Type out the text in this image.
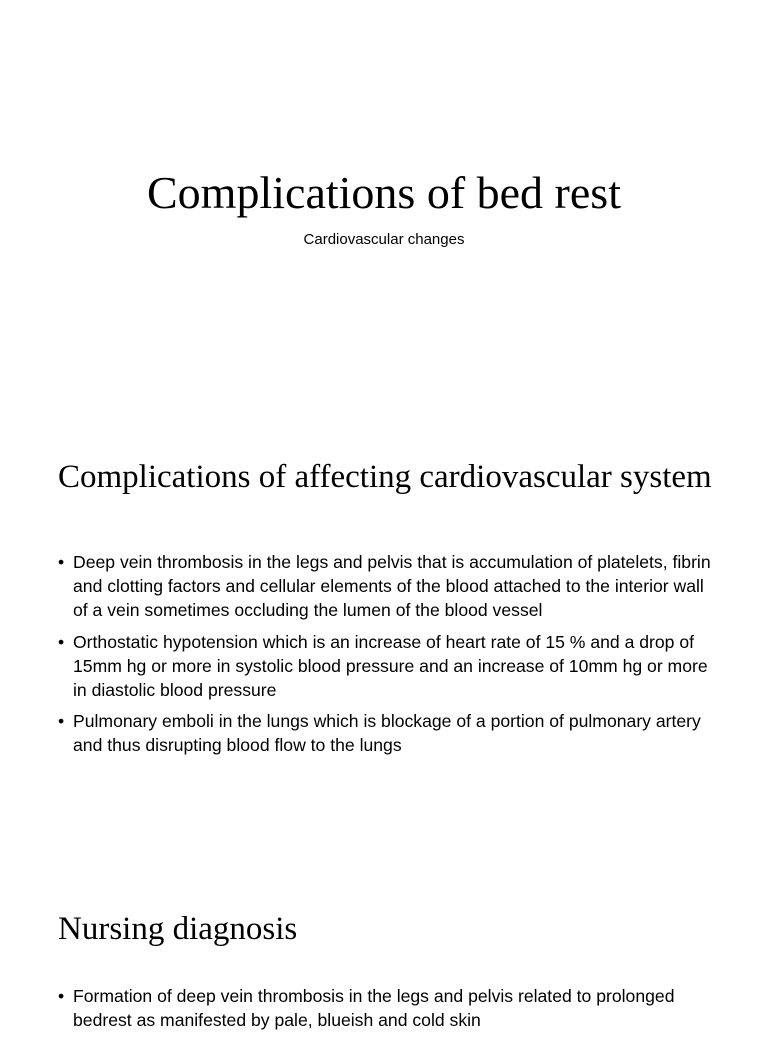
Complications of bed rest

Cardiovascular changes

Complications of affecting cardiovascular system
• Deep vein thrombosis in the legs and pelvis that is accumulation of platelets, fibrin and clotting factors and cellular elements of the blood attached to the interior wall of a vein sometimes occluding the lumen of the blood vessel
• Orthostatic hypotension which is an increase of heart rate of 15 % and a drop of 15mm hg or more in systolic blood pressure and an increase of 10mm hg or more in diastolic blood pressure
• Pulmonary emboli in the lungs which is blockage of a portion of pulmonary artery and thus disrupting blood flow to the lungs
Nursing diagnosis
• Formation of deep vein thrombosis in the legs and pelvis related to prolonged bedrest as manifested by pale, blueish and cold skin
